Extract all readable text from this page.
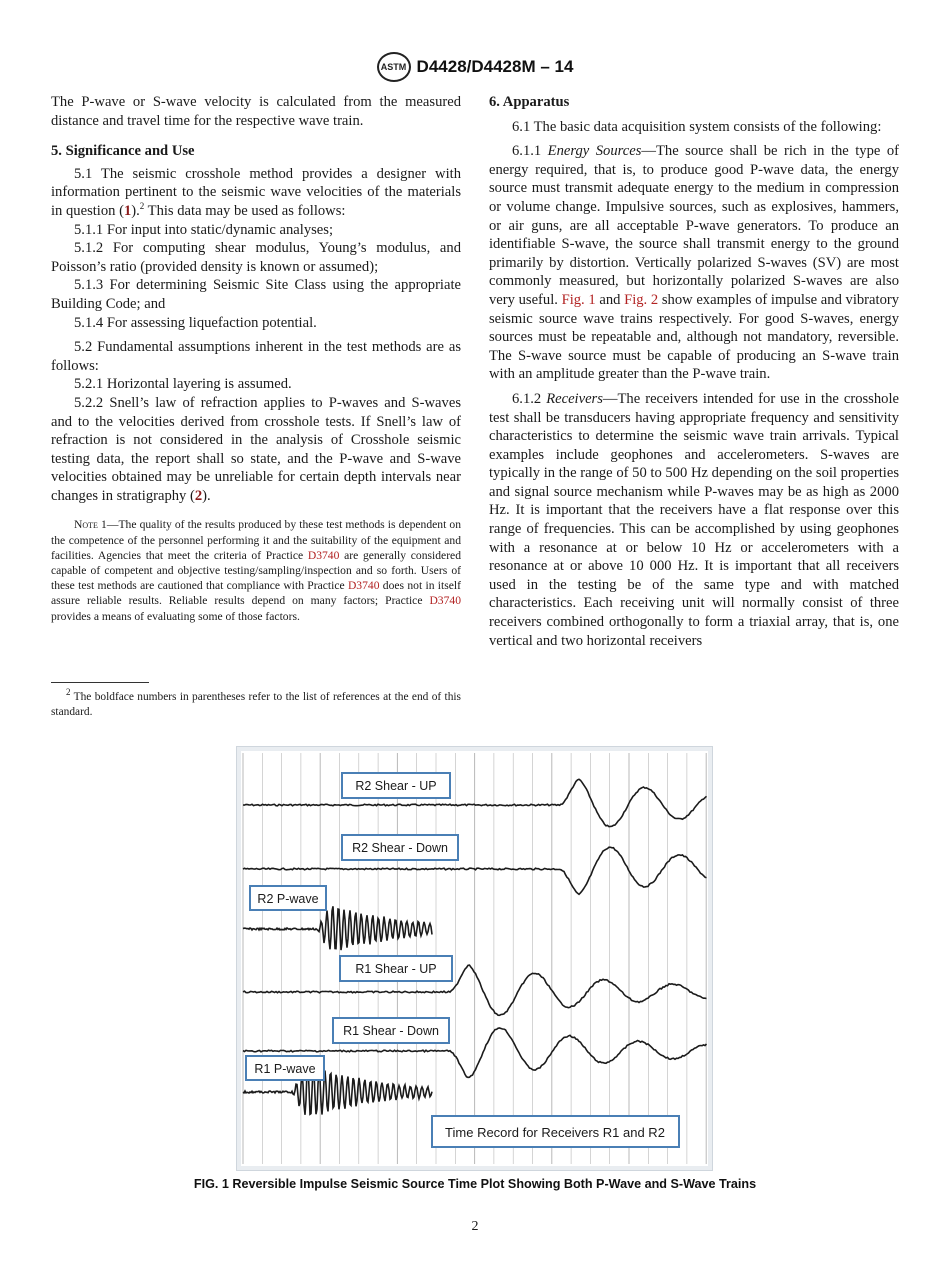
ASTM D4428/D4428M – 14

The P-wave or S-wave velocity is calculated from the measured distance and travel time for the respective wave train.

5. Significance and Use

5.1 The seismic crosshole method provides a designer with information pertinent to the seismic wave velocities of the materials in question (1).$^2$ This data may be used as follows:

5.1.1 For input into static/dynamic analyses;

5.1.2 For computing shear modulus, Young’s modulus, and Poisson’s ratio (provided density is known or assumed);

5.1.3 For determining Seismic Site Class using the appropriate Building Code; and

5.1.4 For assessing liquefaction potential.

5.2 Fundamental assumptions inherent in the test methods are as follows:

5.2.1 Horizontal layering is assumed.

5.2.2 Snell’s law of refraction applies to P-waves and S-waves and to the velocities derived from crosshole tests. If Snell’s law of refraction is not considered in the analysis of Crosshole seismic testing data, the report shall so state, and the P-wave and S-wave velocities obtained may be unreliable for certain depth intervals near changes in stratigraphy (2).

Note 1—The quality of the results produced by these test methods is dependent on the competence of the personnel performing it and the suitability of the equipment and facilities. Agencies that meet the criteria of Practice D3740 are generally considered capable of competent and objective testing/sampling/inspection and so forth. Users of these test methods are cautioned that compliance with Practice D3740 does not in itself assure reliable results. Reliable results depend on many factors; Practice D3740 provides a means of evaluating some of those factors.

$^2$ The boldface numbers in parentheses refer to the list of references at the end of this standard.

6. Apparatus

6.1 The basic data acquisition system consists of the following:

6.1.1 Energy Sources—The source shall be rich in the type of energy required, that is, to produce good P-wave data, the energy source must transmit adequate energy to the medium in compression or volume change. Impulsive sources, such as explosives, hammers, or air guns, are all acceptable P-wave generators. To produce an identifiable S-wave, the source shall transmit energy to the ground primarily by distortion. Vertically polarized S-waves (SV) are most commonly measured, but horizontally polarized S-waves are also very useful. Fig. 1 and Fig. 2 show examples of impulse and vibratory seismic source wave trains respectively. For good S-waves, energy sources must be repeatable and, although not mandatory, reversible. The S-wave source must be capable of producing an S-wave train with an amplitude greater than the P-wave train.

6.1.2 Receivers—The receivers intended for use in the crosshole test shall be transducers having appropriate frequency and sensitivity characteristics to determine the seismic wave train arrivals. Typical examples include geophones and accelerometers. S-waves are typically in the range of 50 to 500 Hz depending on the soil properties and signal source mechanism while P-waves may be as high as 2000 Hz. It is important that the receivers have a flat response over this range of frequencies. This can be accomplished by using geophones with a resonance at or below 10 Hz or accelerometers with a resonance at or above 10 000 Hz. It is important that all receivers used in the testing be of the same type and with matched characteristics. Each receiving unit will normally consist of three receivers combined orthogonally to form a triaxial array, that is, one vertical and two horizontal receivers

R2 Shear - UP
R2 Shear - Down
R2 P-wave
R1 Shear - UP
R1 Shear - Down
R1 P-wave
Time Record for Receivers R1 and R2
FIG. 1 Reversible Impulse Seismic Source Time Plot Showing Both P-Wave and S-Wave Trains
2
